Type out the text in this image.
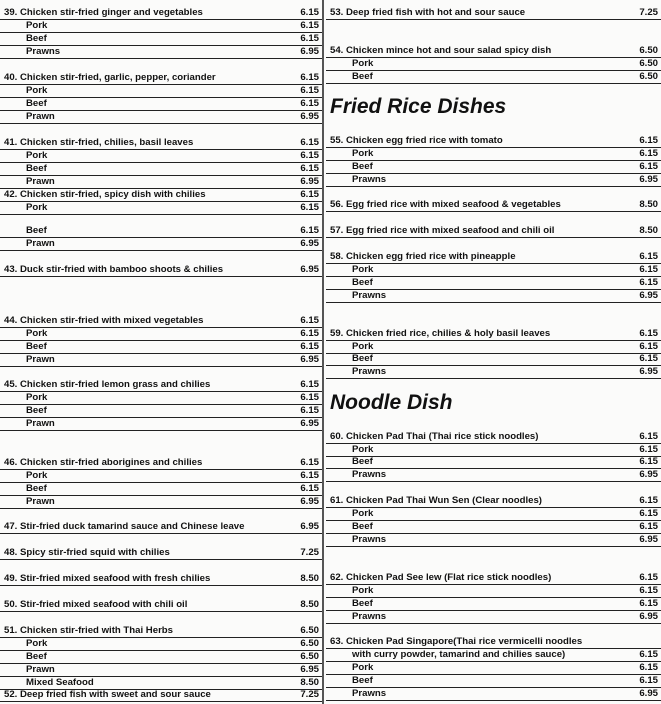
39. Chicken stir-fried ginger and vegetables	6.15
Pork	6.15
Beef	6.15
Prawns	6.95
40. Chicken stir-fried, garlic, pepper, coriander	6.15
Pork	6.15
Beef	6.15
Prawn	6.95
41. Chicken stir-fried, chilies, basil leaves	6.15
Pork	6.15
Beef	6.15
Prawn	6.95
42. Chicken stir-fried, spicy dish with chilies	6.15
Pork	6.15
Beef	6.15
Prawn	6.95
43. Duck stir-fried with bamboo shoots & chilies	6.95
44. Chicken stir-fried with mixed vegetables	6.15
Pork	6.15
Beef	6.15
Prawn	6.95
45. Chicken stir-fried lemon grass and chilies	6.15
Pork	6.15
Beef	6.15
Prawn	6.95
46. Chicken stir-fried aborigines and chilies	6.15
Pork	6.15
Beef	6.15
Prawn	6.95
47. Stir-fried duck tamarind sauce and Chinese leave	6.95
48. Spicy stir-fried squid with chilies	7.25
49. Stir-fried mixed seafood with fresh chilies	8.50
50. Stir-fried mixed seafood with chili oil	8.50
51. Chicken stir-fried with Thai Herbs	6.50
Pork	6.50
Beef	6.50
Prawn	6.95
Mixed Seafood	8.50
52. Deep fried fish with sweet and sour sauce	7.25
Fried Rice Dishes
Noodle Dish
53. Deep fried fish with hot and sour sauce	7.25
54. Chicken mince hot and sour salad spicy dish	6.50
Pork	6.50
Beef	6.50
55. Chicken egg fried rice with tomato	6.15
Pork	6.15
Beef	6.15
Prawns	6.95
56. Egg fried rice with mixed seafood & vegetables	8.50
57. Egg fried rice with mixed seafood and chili oil	8.50
58. Chicken egg fried rice with pineapple	6.15
Pork	6.15
Beef	6.15
Prawns	6.95
59. Chicken fried rice, chilies & holy basil leaves	6.15
Pork	6.15
Beef	6.15
Prawns	6.95
60. Chicken Pad Thai (Thai rice stick noodles)	6.15
Pork	6.15
Beef	6.15
Prawns	6.95
61. Chicken Pad Thai Wun Sen (Clear noodles)	6.15
Pork	6.15
Beef	6.15
Prawns	6.95
62. Chicken Pad See lew (Flat rice stick noodles)	6.15
Pork	6.15
Beef	6.15
Prawns	6.95
63. Chicken Pad Singapore(Thai rice vermicelli noodles
with curry powder, tamarind and chilies sauce)	6.15
Pork	6.15
Beef	6.15
Prawns	6.95
